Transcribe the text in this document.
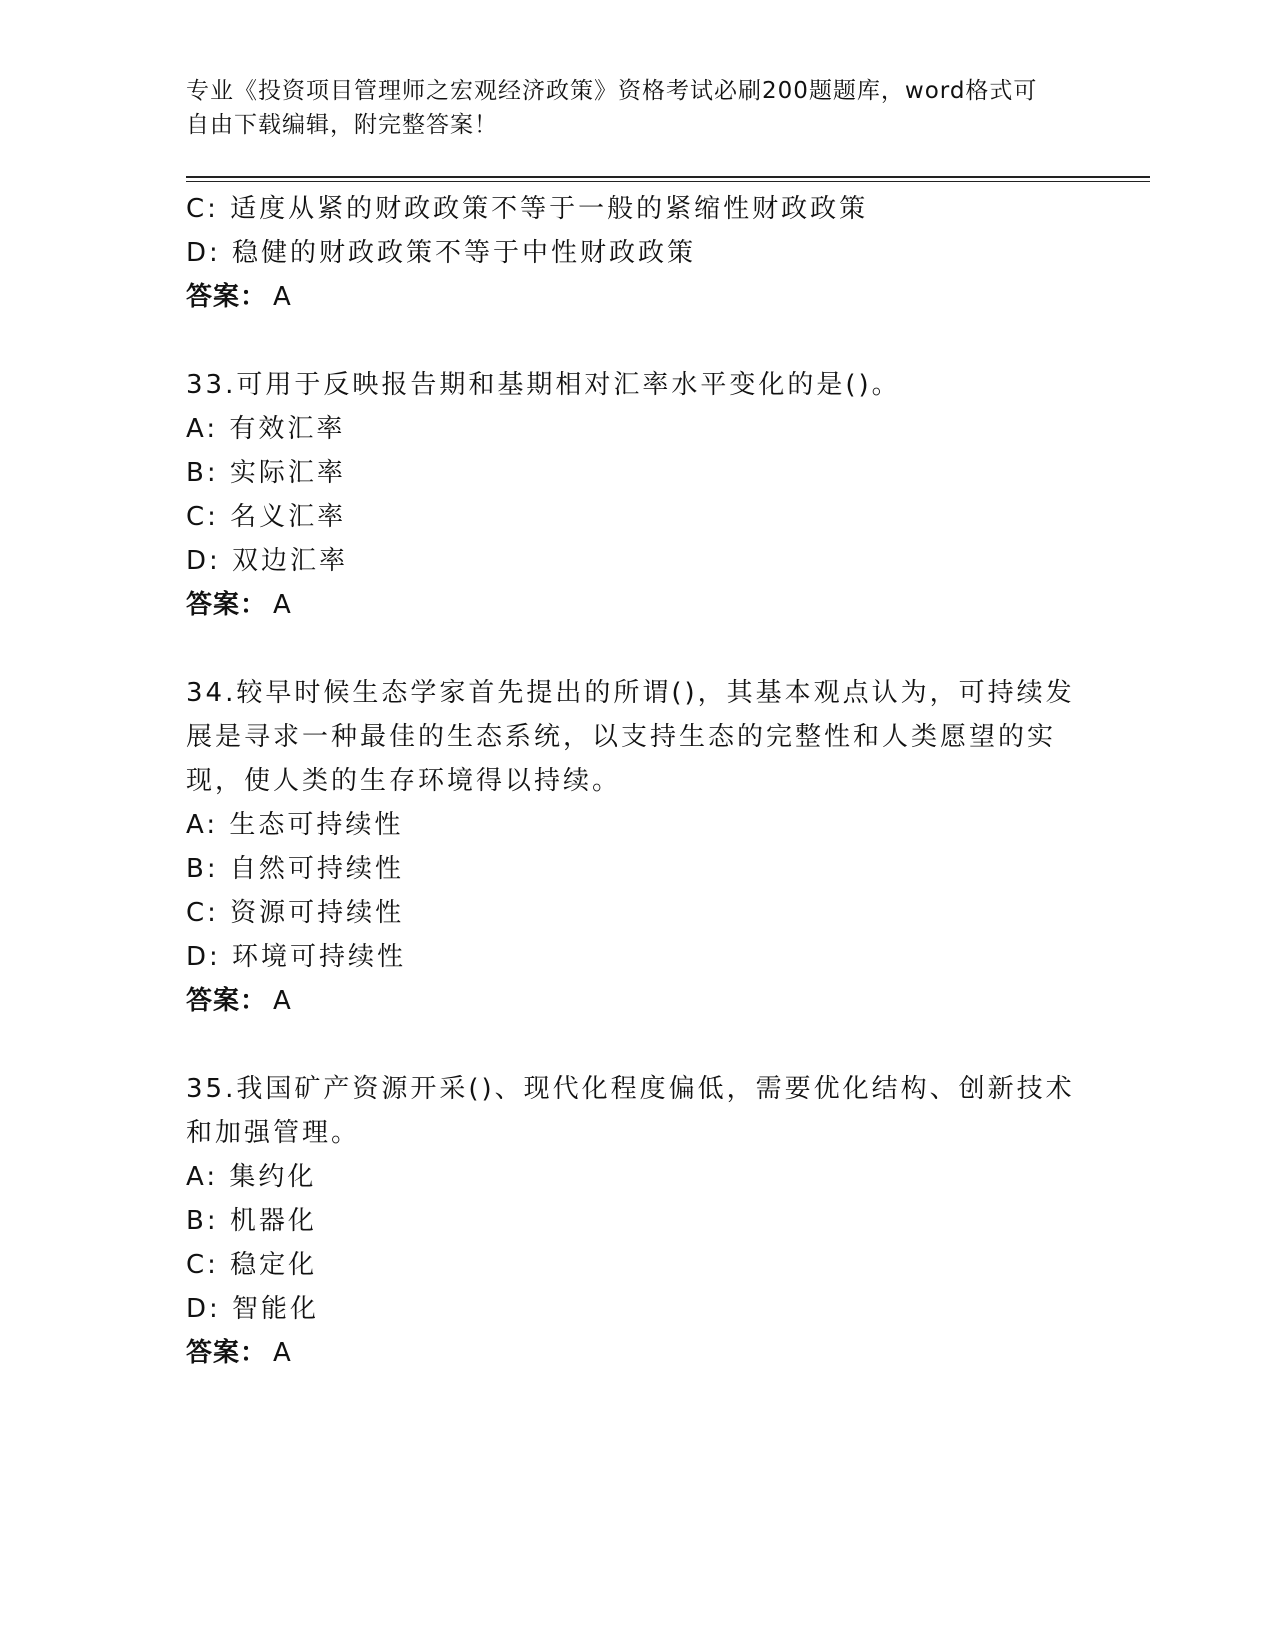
专业《投资项目管理师之宏观经济政策》资格考试必刷200题题库，word格式可
自由下载编辑，附完整答案！
C: 适度从紧的财政政策不等于一般的紧缩性财政政策
D: 稳健的财政政策不等于中性财政政策
答案： A
33.可用于反映报告期和基期相对汇率水平变化的是()。
A: 有效汇率
B: 实际汇率
C: 名义汇率
D: 双边汇率
答案： A
34.较早时候生态学家首先提出的所谓()，其基本观点认为，可持续发
展是寻求一种最佳的生态系统，以支持生态的完整性和人类愿望的实
现，使人类的生存环境得以持续。
A: 生态可持续性
B: 自然可持续性
C: 资源可持续性
D: 环境可持续性
答案： A
35.我国矿产资源开采()、现代化程度偏低，需要优化结构、创新技术
和加强管理。
A: 集约化
B: 机器化
C: 稳定化
D: 智能化
答案： A
